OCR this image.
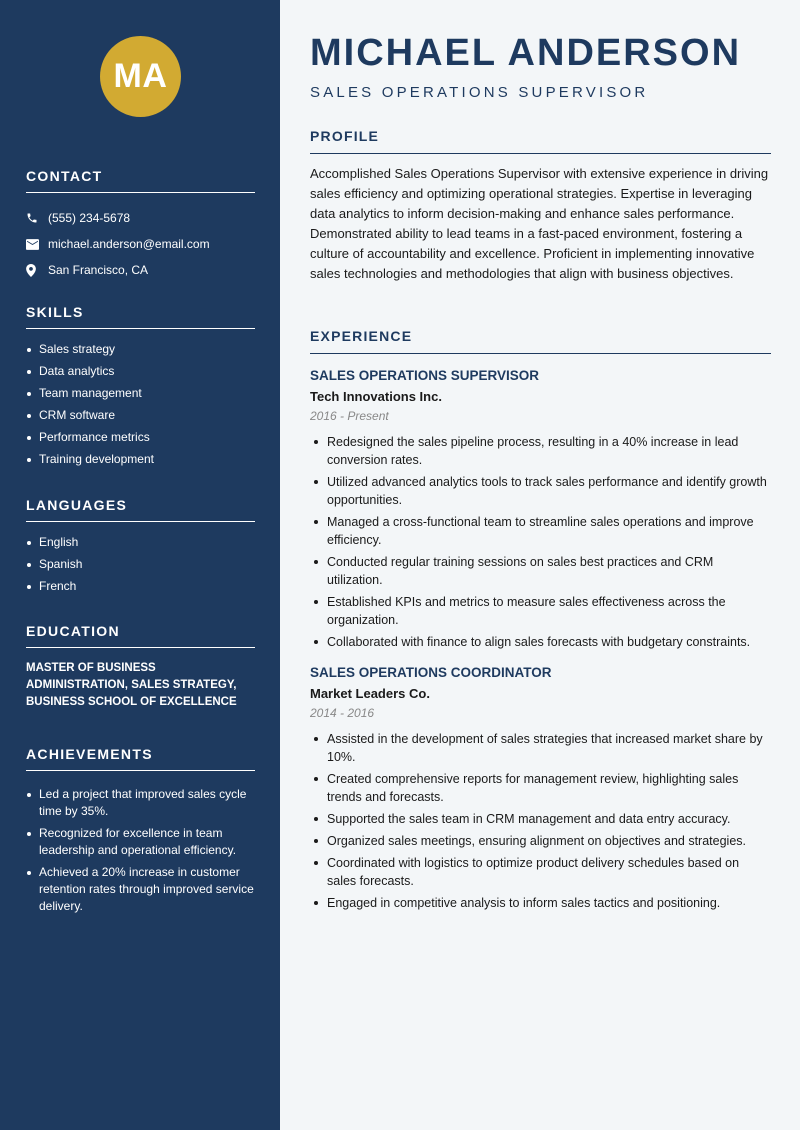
MA
CONTACT
(555) 234-5678
michael.anderson@email.com
San Francisco, CA
SKILLS
Sales strategy
Data analytics
Team management
CRM software
Performance metrics
Training development
LANGUAGES
English
Spanish
French
EDUCATION
MASTER OF BUSINESS ADMINISTRATION, SALES STRATEGY, BUSINESS SCHOOL OF EXCELLENCE
ACHIEVEMENTS
Led a project that improved sales cycle time by 35%.
Recognized for excellence in team leadership and operational efficiency.
Achieved a 20% increase in customer retention rates through improved service delivery.
MICHAEL ANDERSON
SALES OPERATIONS SUPERVISOR
PROFILE
Accomplished Sales Operations Supervisor with extensive experience in driving sales efficiency and optimizing operational strategies. Expertise in leveraging data analytics to inform decision-making and enhance sales performance. Demonstrated ability to lead teams in a fast-paced environment, fostering a culture of accountability and excellence. Proficient in implementing innovative sales technologies and methodologies that align with business objectives.
EXPERIENCE
SALES OPERATIONS SUPERVISOR
Tech Innovations Inc.
2016 - Present
Redesigned the sales pipeline process, resulting in a 40% increase in lead conversion rates.
Utilized advanced analytics tools to track sales performance and identify growth opportunities.
Managed a cross-functional team to streamline sales operations and improve efficiency.
Conducted regular training sessions on sales best practices and CRM utilization.
Established KPIs and metrics to measure sales effectiveness across the organization.
Collaborated with finance to align sales forecasts with budgetary constraints.
SALES OPERATIONS COORDINATOR
Market Leaders Co.
2014 - 2016
Assisted in the development of sales strategies that increased market share by 10%.
Created comprehensive reports for management review, highlighting sales trends and forecasts.
Supported the sales team in CRM management and data entry accuracy.
Organized sales meetings, ensuring alignment on objectives and strategies.
Coordinated with logistics to optimize product delivery schedules based on sales forecasts.
Engaged in competitive analysis to inform sales tactics and positioning.
